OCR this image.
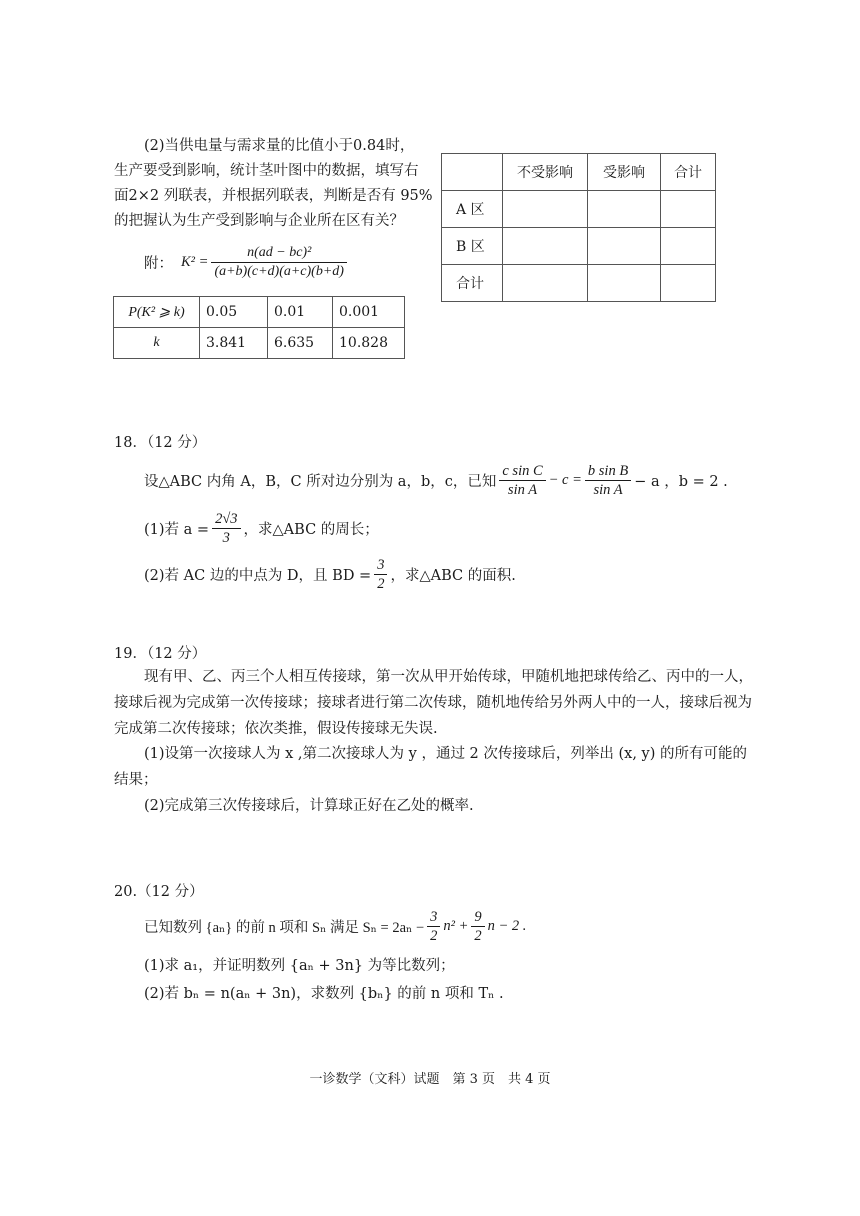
(2)当供电量与需求量的比值小于0.84时，
生产要受到影响，统计茎叶图中的数据，填写右
面2×2 列联表，并根据列联表，判断是否有 95%
的把握认为生产受到影响与企业所在区有关？
附： $K^2 = \frac{\text{n(ad − bc)²}}{(a+b)(c+d)(a+c)(b+d)}$
P(K² ⩾ k)	0.05	0.01	0.001
k	3.841	6.635	10.828
	不受影响	受影响	合计
A 区			
B 区			
合计			
18．（12 分）
设△ABC 内角 A，B，C 所对边分别为 a，b，c，已知 $\frac{\text{c sin C}}{\text{sin A}} - c = \frac{\text{b sin B}}{\text{sin A}} - a$ ，b = 2 .
(1)若 $a = \frac{2√3}{3}$ ，求△ABC 的周长；
(2)若 AC 边的中点为 D，且 BD = $\frac{3}{2}$ ，求△ABC 的面积.
19．（12 分）
现有甲、乙、丙三个人相互传接球，第一次从甲开始传球，甲随机地把球传给乙、丙中的一人，接球后视为完成第一次传接球；接球者进行第二次传球，随机地传给另外两人中的一人，接球后视为完成第二次传接球；依次类推，假设传接球无失误.
(1)设第一次接球人为 x ,第二次接球人为 y ，通过 2 次传接球后，列举出 (x, y) 的所有可能的结果；
(2)完成第三次传接球后，计算球正好在乙处的概率.
20.（12 分）
已知数列 {aₙ} 的前 n 项和 Sₙ 满足 $S_n = 2a_n - \frac{3}{2} n^2 + \frac{9}{2}$ n − 2 .
(1)求 a₁，并证明数列 {aₙ + 3n} 为等比数列；
(2)若 bₙ = n(aₙ + 3n)，求数列 {bₙ} 的前 n 项和 Tₙ .
一诊数学（文科）试题　第 3 页　共 4 页
